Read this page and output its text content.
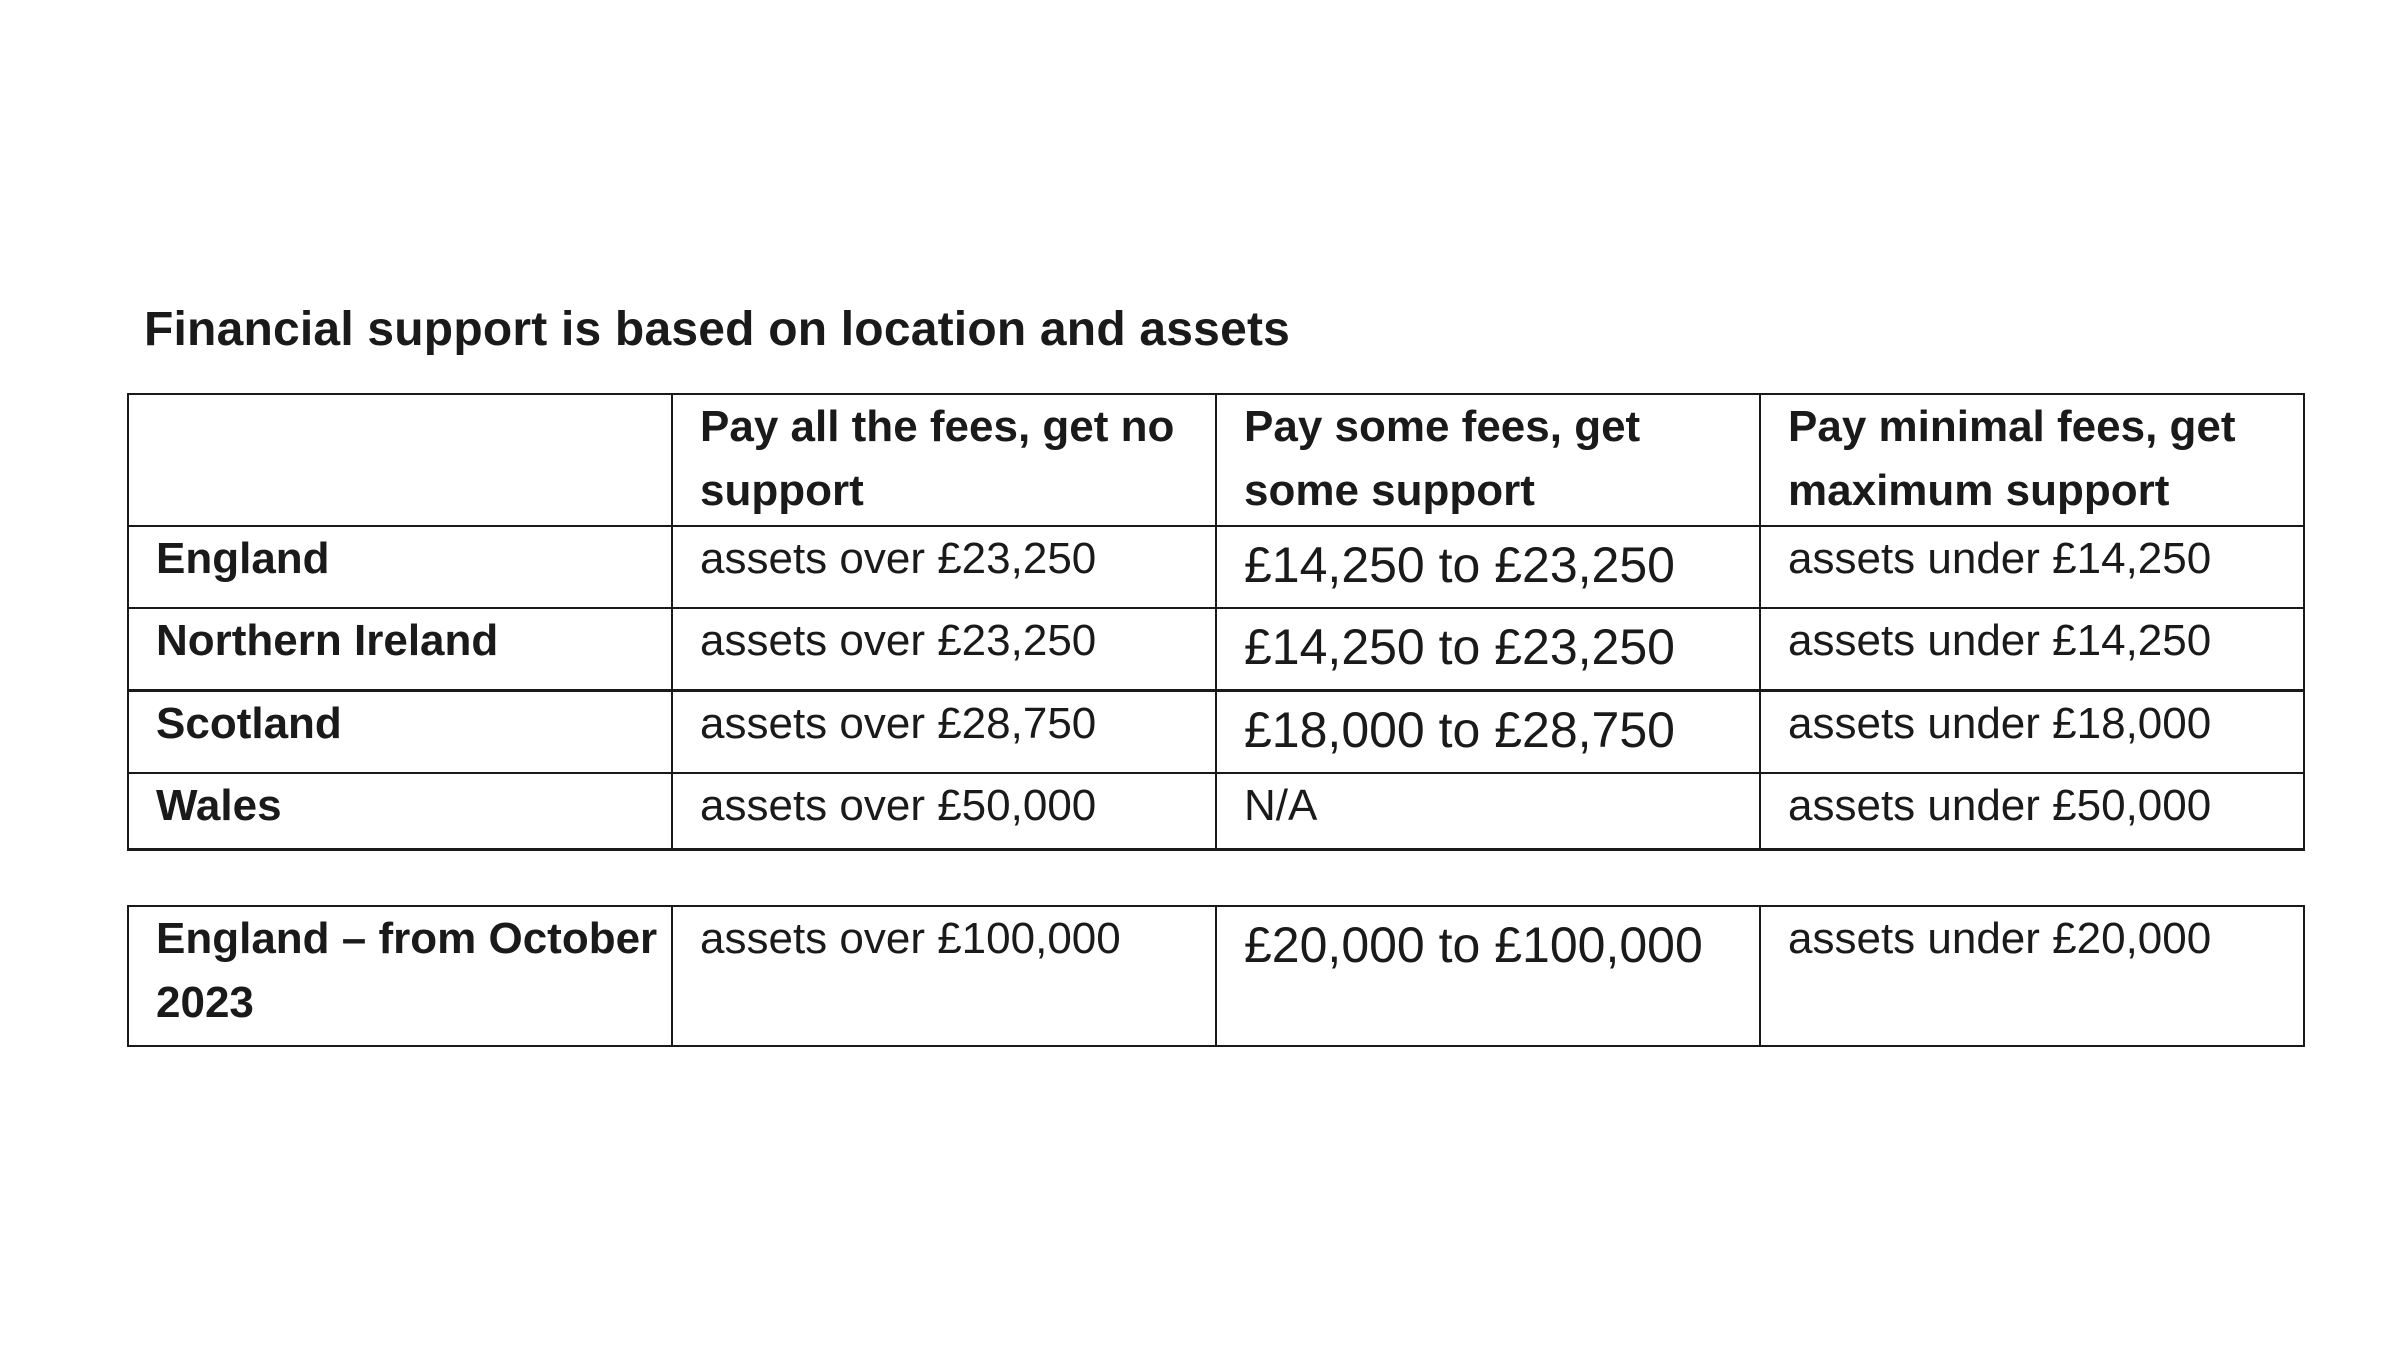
Financial support is based on location and assets
	Pay all the fees, get no support	Pay some fees, get some support	Pay minimal fees, get maximum support
England	assets over £23,250	£14,250 to £23,250	assets under £14,250
Northern Ireland	assets over £23,250	£14,250 to £23,250	assets under £14,250
Scotland	assets over £28,750	£18,000 to £28,750	assets under £18,000
Wales	assets over £50,000	N/A	assets under £50,000
England – from October 2023	assets over £100,000	£20,000 to £100,000	assets under £20,000
